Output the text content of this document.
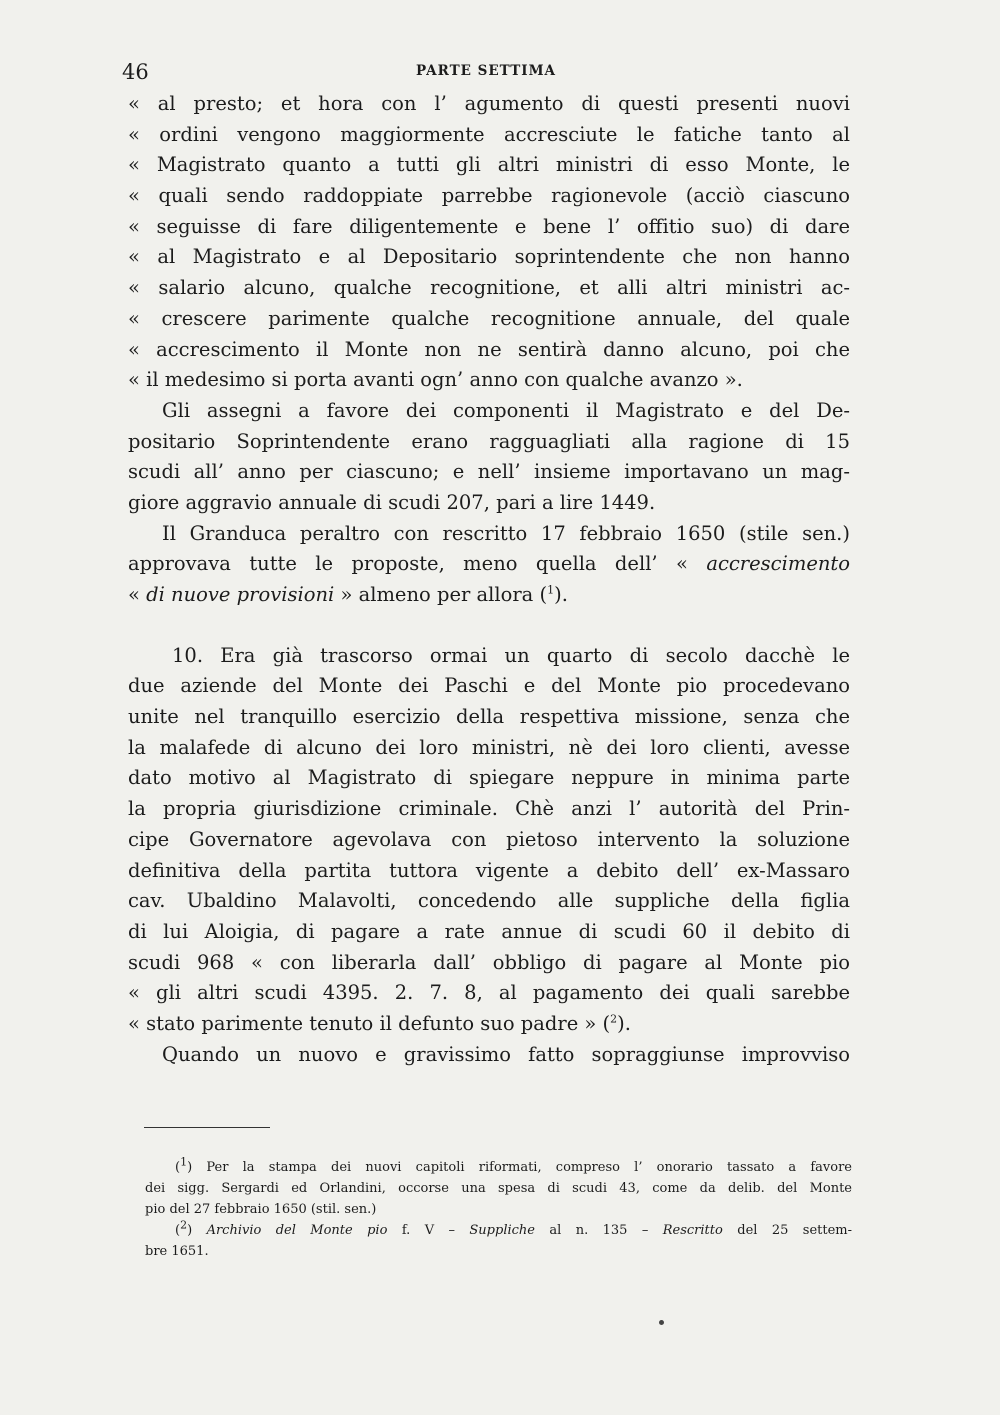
46	PARTE SETTIMA
« al presto; et hora con l’ agumento di questi presenti nuovi
« ordini vengono maggiormente accresciute le fatiche tanto al
« Magistrato quanto a tutti gli altri ministri di esso Monte, le
« quali sendo raddoppiate parrebbe ragionevole (acciò ciascuno
« seguisse di fare diligentemente e bene l’ offitio suo) di dare
« al Magistrato e al Depositario soprintendente che non hanno
« salario alcuno, qualche recognitione, et alli altri ministri ac-
« crescere parimente qualche recognitione annuale, del quale
« accrescimento il Monte non ne sentirà danno alcuno, poi che
« il medesimo si porta avanti ogn’ anno con qualche avanzo ».
Gli assegni a favore dei componenti il Magistrato e del De-
positario Soprintendente erano ragguagliati alla ragione di 15
scudi all’ anno per ciascuno; e nell’ insieme importavano un mag-
giore aggravio annuale di scudi 207, pari a lire 1449.
Il Granduca peraltro con rescritto 17 febbraio 1650 (stile sen.)
approvava tutte le proposte, meno quella dell’ « accrescimento
« di nuove provisioni » almeno per allora ($^1$).
10. Era già trascorso ormai un quarto di secolo dacchè le
due aziende del Monte dei Paschi e del Monte pio procedevano
unite nel tranquillo esercizio della respettiva missione, senza che
la malafede di alcuno dei loro ministri, nè dei loro clienti, avesse
dato motivo al Magistrato di spiegare neppure in minima parte
la propria giurisdizione criminale. Chè anzi l’ autorità del Prin-
cipe Governatore agevolava con pietoso intervento la soluzione
definitiva della partita tuttora vigente a debito dell’ ex-Massaro
cav. Ubaldino Malavolti, concedendo alle suppliche della figlia
di lui Aloigia, di pagare a rate annue di scudi 60 il debito di
scudi 968 « con liberarla dall’ obbligo di pagare al Monte pio
« gli altri scudi 4395. 2. 7. 8, al pagamento dei quali sarebbe
« stato parimente tenuto il defunto suo padre » ($^2$).
Quando un nuovo e gravissimo fatto sopraggiunse improvviso
($^1$) Per la stampa dei nuovi capitoli riformati, compreso l’ onorario tassato a favore
dei sigg. Sergardi ed Orlandini, occorse una spesa di scudi 43, come da delib. del Monte
pio del 27 febbraio 1650 (stil. sen.)
($^2$) Archivio del Monte pio f. V – Suppliche al n. 135 – Rescritto del 25 settem-
bre 1651.
